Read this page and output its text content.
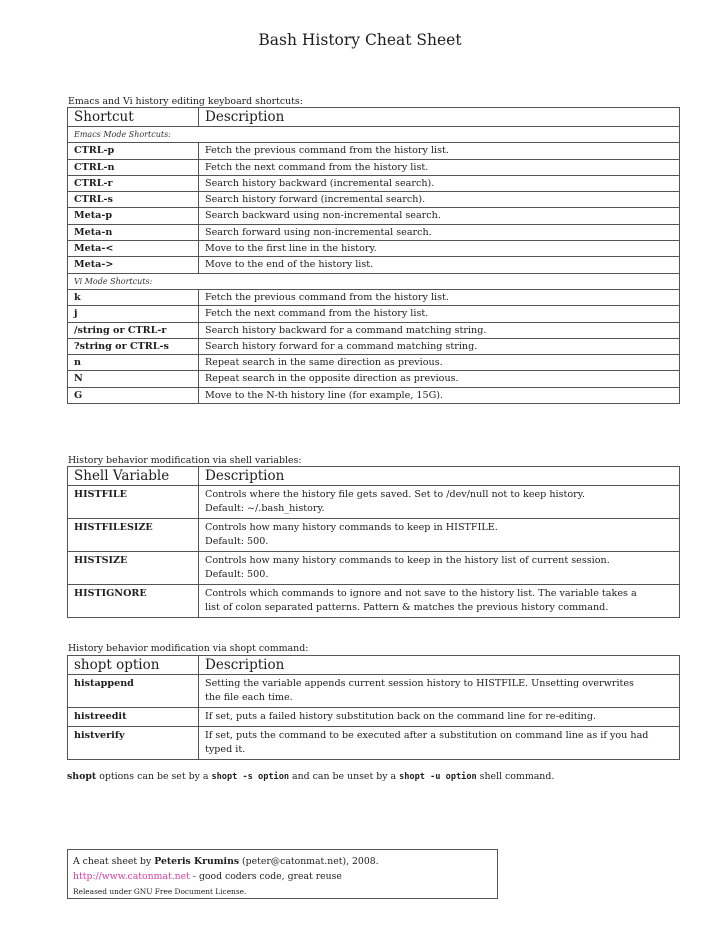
Bash History Cheat Sheet
Emacs and Vi history editing keyboard shortcuts:
Shortcut	Description
Emacs Mode Shortcuts:	
CTRL-p	Fetch the previous command from the history list.
CTRL-n	Fetch the next command from the history list.
CTRL-r	Search history backward (incremental search).
CTRL-s	Search history forward (incremental search).
Meta-p	Search backward using non-incremental search.
Meta-n	Search forward using non-incremental search.
Meta-<	Move to the first line in the history.
Meta->	Move to the end of the history list.
Vi Mode Shortcuts:	
k	Fetch the previous command from the history list.
j	Fetch the next command from the history list.
/string or CTRL-r	Search history backward for a command matching string.
?string or CTRL-s	Search history forward for a command matching string.
n	Repeat search in the same direction as previous.
N	Repeat search in the opposite direction as previous.
G	Move to the N-th history line (for example, 15G).
History behavior modification via shell variables:
Shell Variable	Description
HISTFILE	Controls where the history file gets saved. Set to /dev/null not to keep history.
Default: ~/.bash_history.

HISTFILESIZE	Controls how many history commands to keep in HISTFILE.
Default: 500.

HISTSIZE	Controls how many history commands to keep in the history list of current session.
Default: 500.

HISTIGNORE	Controls which commands to ignore and not save to the history list. The variable takes a
list of colon separated patterns. Pattern & matches the previous history command.
History behavior modification via shopt command:
shopt option	Description
histappend	Setting the variable appends current session history to HISTFILE. Unsetting overwrites
the file each time.

histreedit	If set, puts a failed history substitution back on the command line for re-editing.
histverify	If set, puts the command to be executed after a substitution on command line as if you had
typed it.
shopt options can be set by a shopt -s option and can be unset by a shopt -u option shell command.
A cheat sheet by Peteris Krumins (peter@catonmat.net), 2008.
http://www.catonmat.net - good coders code, great reuse
Released under GNU Free Document License.
